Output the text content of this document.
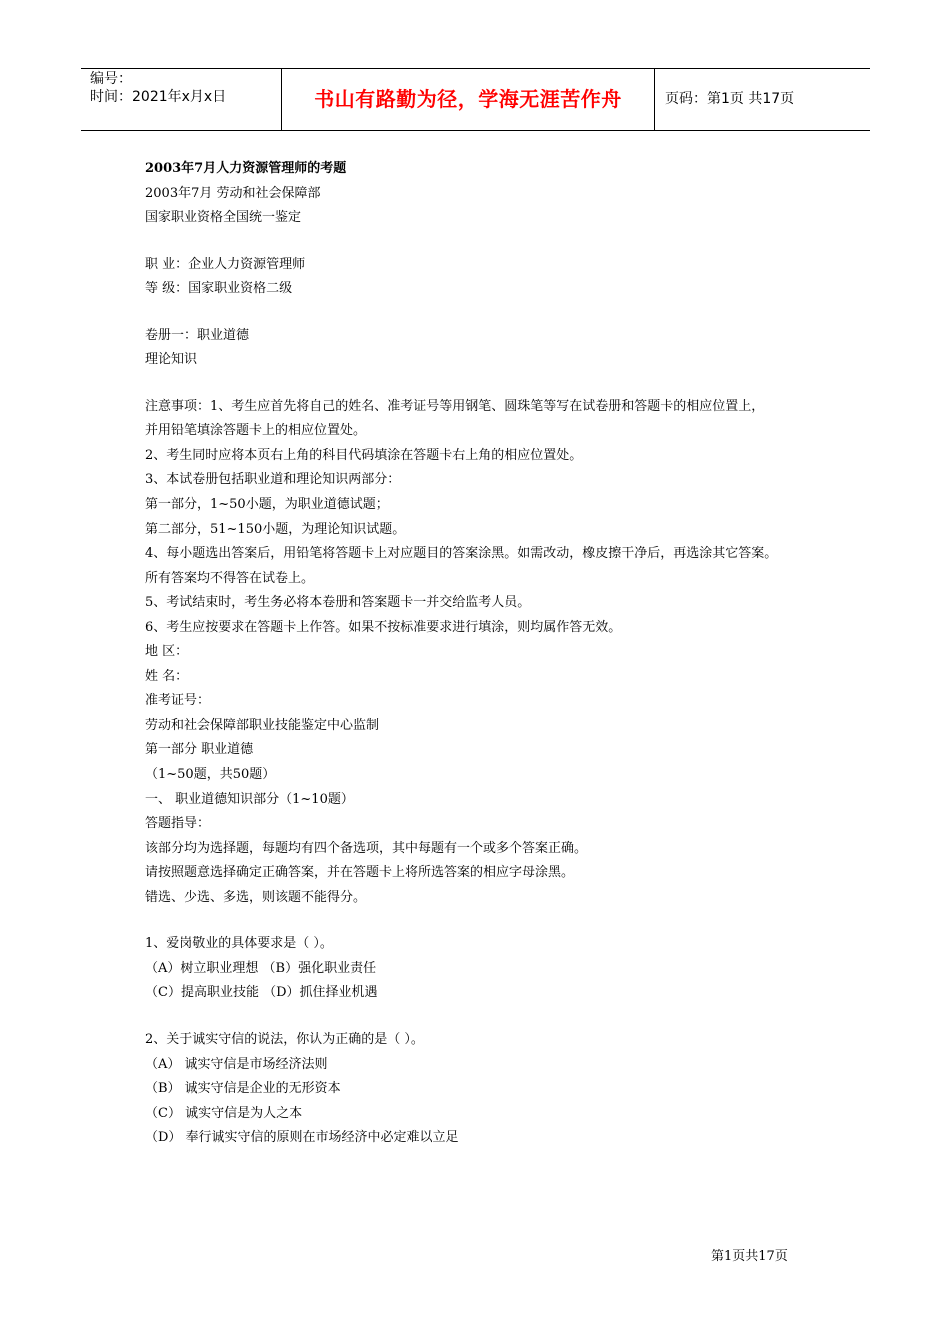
编号：
时间：2021年x月x日	书山有路勤为径，学海无涯苦作舟	页码：第1页 共17页
2003年7月人力资源管理师的考题
2003年7月 劳动和社会保障部
国家职业资格全国统一鉴定
职 业：企业人力资源管理师
等 级：国家职业资格二级
卷册一：职业道德
理论知识
注意事项：1、考生应首先将自己的姓名、准考证号等用钢笔、圆珠笔等写在试卷册和答题卡的相应位置上，
并用铅笔填涂答题卡上的相应位置处。
2、考生同时应将本页右上角的科目代码填涂在答题卡右上角的相应位置处。
3、本试卷册包括职业道和理论知识两部分：
第一部分，1~50小题，为职业道德试题；
第二部分，51~150小题，为理论知识试题。
4、每小题选出答案后，用铅笔将答题卡上对应题目的答案涂黑。如需改动，橡皮擦干净后，再选涂其它答案。
所有答案均不得答在试卷上。
5、考试结束时，考生务必将本卷册和答案题卡一并交给监考人员。
6、考生应按要求在答题卡上作答。如果不按标准要求进行填涂，则均属作答无效。
地 区：
姓 名：
准考证号：
劳动和社会保障部职业技能鉴定中心监制
第一部分 职业道德
（1~50题，共50题）
一、 职业道德知识部分（1~10题）
答题指导：
该部分均为选择题，每题均有四个备选项，其中每题有一个或多个答案正确。
请按照题意选择确定正确答案，并在答题卡上将所选答案的相应字母涂黑。
错选、少选、多选，则该题不能得分。
1、爱岗敬业的具体要求是（ ）。
（A）树立职业理想 （B）强化职业责任
（C）提高职业技能 （D）抓住择业机遇
2、关于诚实守信的说法，你认为正确的是（ ）。
（A） 诚实守信是市场经济法则
（B） 诚实守信是企业的无形资本
（C） 诚实守信是为人之本
（D） 奉行诚实守信的原则在市场经济中必定难以立足
第1页共17页
